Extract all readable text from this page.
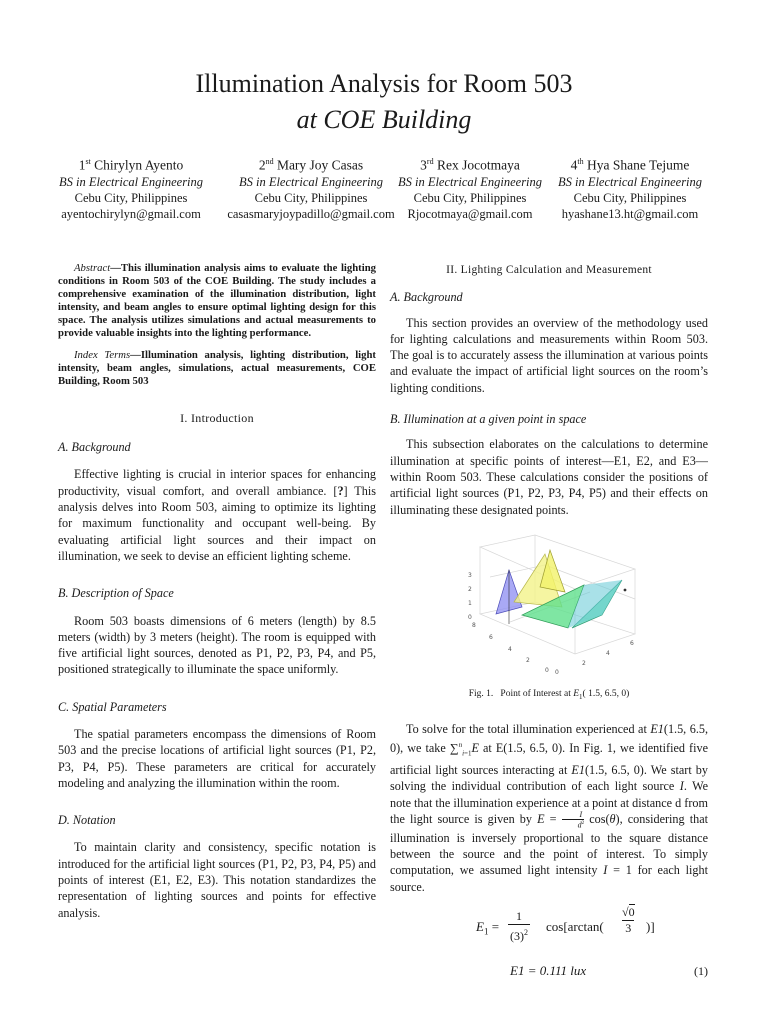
Illumination Analysis for Room 503
at COE Building
1st Chirylyn Ayento
BS in Electrical Engineering
Cebu City, Philippines
ayentochirylyn@gmail.com
2nd Mary Joy Casas
BS in Electrical Engineering
Cebu City, Philippines
casasmaryjoypadillo@gmail.com
3rd Rex Jocotmaya
BS in Electrical Engineering
Cebu City, Philippines
Rjocotmaya@gmail.com
4th Hya Shane Tejume
BS in Electrical Engineering
Cebu City, Philippines
hyashane13.ht@gmail.com

Abstract—This illumination analysis aims to evaluate the lighting conditions in Room 503 of the COE Building. The study includes a comprehensive examination of the illumination distribution, light intensity, and beam angles to ensure optimal lighting design for this space. The analysis utilizes simulations and actual measurements to provide valuable insights into the lighting performance.

Index Terms—Illumination analysis, lighting distribution, light intensity, beam angles, simulations, actual measurements, COE Building, Room 503

I. Introduction

A. Background

Effective lighting is crucial in interior spaces for enhancing productivity, visual comfort, and overall ambiance. [?] This analysis delves into Room 503, aiming to optimize its lighting for maximum functionality and occupant well-being. By evaluating artificial light sources and their impact on illumination, we seek to devise an efficient lighting scheme.

B. Description of Space

Room 503 boasts dimensions of 6 meters (length) by 8.5 meters (width) by 3 meters (height). The room is equipped with five artificial light sources, denoted as P1, P2, P3, P4, and P5, positioned strategically to illuminate the space uniformly.

C. Spatial Parameters

The spatial parameters encompass the dimensions of Room 503 and the precise locations of artificial light sources (P1, P2, P3, P4, P5). These parameters are critical for accurately modeling and analyzing the illumination within the room.

D. Notation

To maintain clarity and consistency, specific notation is introduced for the artificial light sources (P1, P2, P3, P4, P5) and points of interest (E1, E2, E3). This notation standardizes the representation of lighting sources and points for effective analysis.

II. Lighting Calculation and Measurement

A. Background

This section provides an overview of the methodology used for lighting calculations and measurements within Room 503. The goal is to accurately assess the illumination at various points and evaluate the impact of artificial light sources on the room’s lighting conditions.

B. Illumination at a given point in space

This subsection elaborates on the calculations to determine illumination at specific points of interest—E1, E2, and E3—within Room 503. These calculations consider the positions of artificial light sources (P1, P2, P3, P4, P5) and their effects on illuminating these designated points.

0
1
2
3
8
6
4
2
0 0
2
4
6

Fig. 1.   Point of Interest at $E_1$( 1.5, 6.5, 0)

To solve for the total illumination experienced at E1(1.5, 6.5, 0), we take ∑$^n_{i=1}$E at E(1.5, 6.5, 0). In Fig. 1, we identified five artificial light sources interacting at E1(1.5, 6.5, 0). We start by solving the individual contribution of each light source I. We note that the illumination experience at a point at distance d from the light source is given by $E = \frac{I}{d^2} \cos(\theta)$, considering that illumination is inversely proportional to the square distance between the source and the point of interest. To simply computation, we assumed light intensity I = 1 for each light source.

$E_1$ =
1
$(3)^2$ cos[arctan(
√0
3 )]
E1 = 0.111 lux	(1)
